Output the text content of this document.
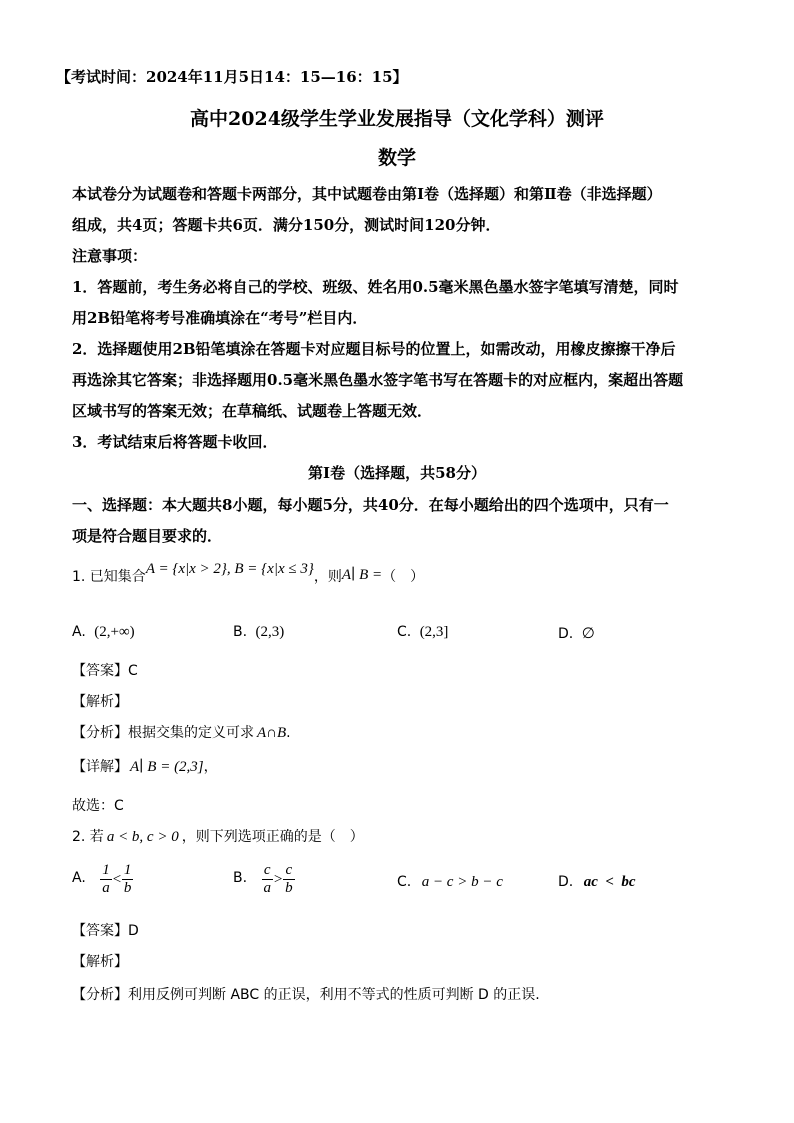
【考试时间：2024年11月5日14：15—16：15】
高中2024级学生学业发展指导（文化学科）测评
数学
本试卷分为试题卷和答题卡两部分，其中试题卷由第Ⅰ卷（选择题）和第Ⅱ卷（非选择题）
组成，共4页；答题卡共6页．满分150分，测试时间120分钟．
注意事项：
1．答题前，考生务必将自己的学校、班级、姓名用0.5毫米黑色墨水签字笔填写清楚，同时
用2B铅笔将考号准确填涂在“考号”栏目内．
2．选择题使用2B铅笔填涂在答题卡对应题目标号的位置上，如需改动，用橡皮擦擦干净后
再选涂其它答案；非选择题用0.5毫米黑色墨水签字笔书写在答题卡的对应框内，案超出答题
区域书写的答案无效；在草稿纸、试题卷上答题无效．
3．考试结束后将答题卡收回．
第Ⅰ卷（选择题，共58分）
一、选择题：本大题共8小题，每小题5分，共40分．在每小题给出的四个选项中，只有一
项是符合题目要求的．
1. 已知集合A = {x|x > 2}, B = {x|x ≤ 3}，则A∣ B =（　）
A. (2,+∞)	B. (2,3)	C. (2,3]	D. ∅
【答案】C
【解析】
【分析】根据交集的定义可求 A∩B.
【详解】 A∣ B = (2,3]，
故选：C
2. 若 a < b, c > 0 ，则下列选项正确的是（　）
A. $\frac{1}{a} < \frac{1}{b}$	B. $\frac{c}{a} > \frac{c}{b}$	C. a − c > b − c	D. ac  <  bc
【答案】D
【解析】
【分析】利用反例可判断 ABC 的正误，利用不等式的性质可判断 D 的正误.
